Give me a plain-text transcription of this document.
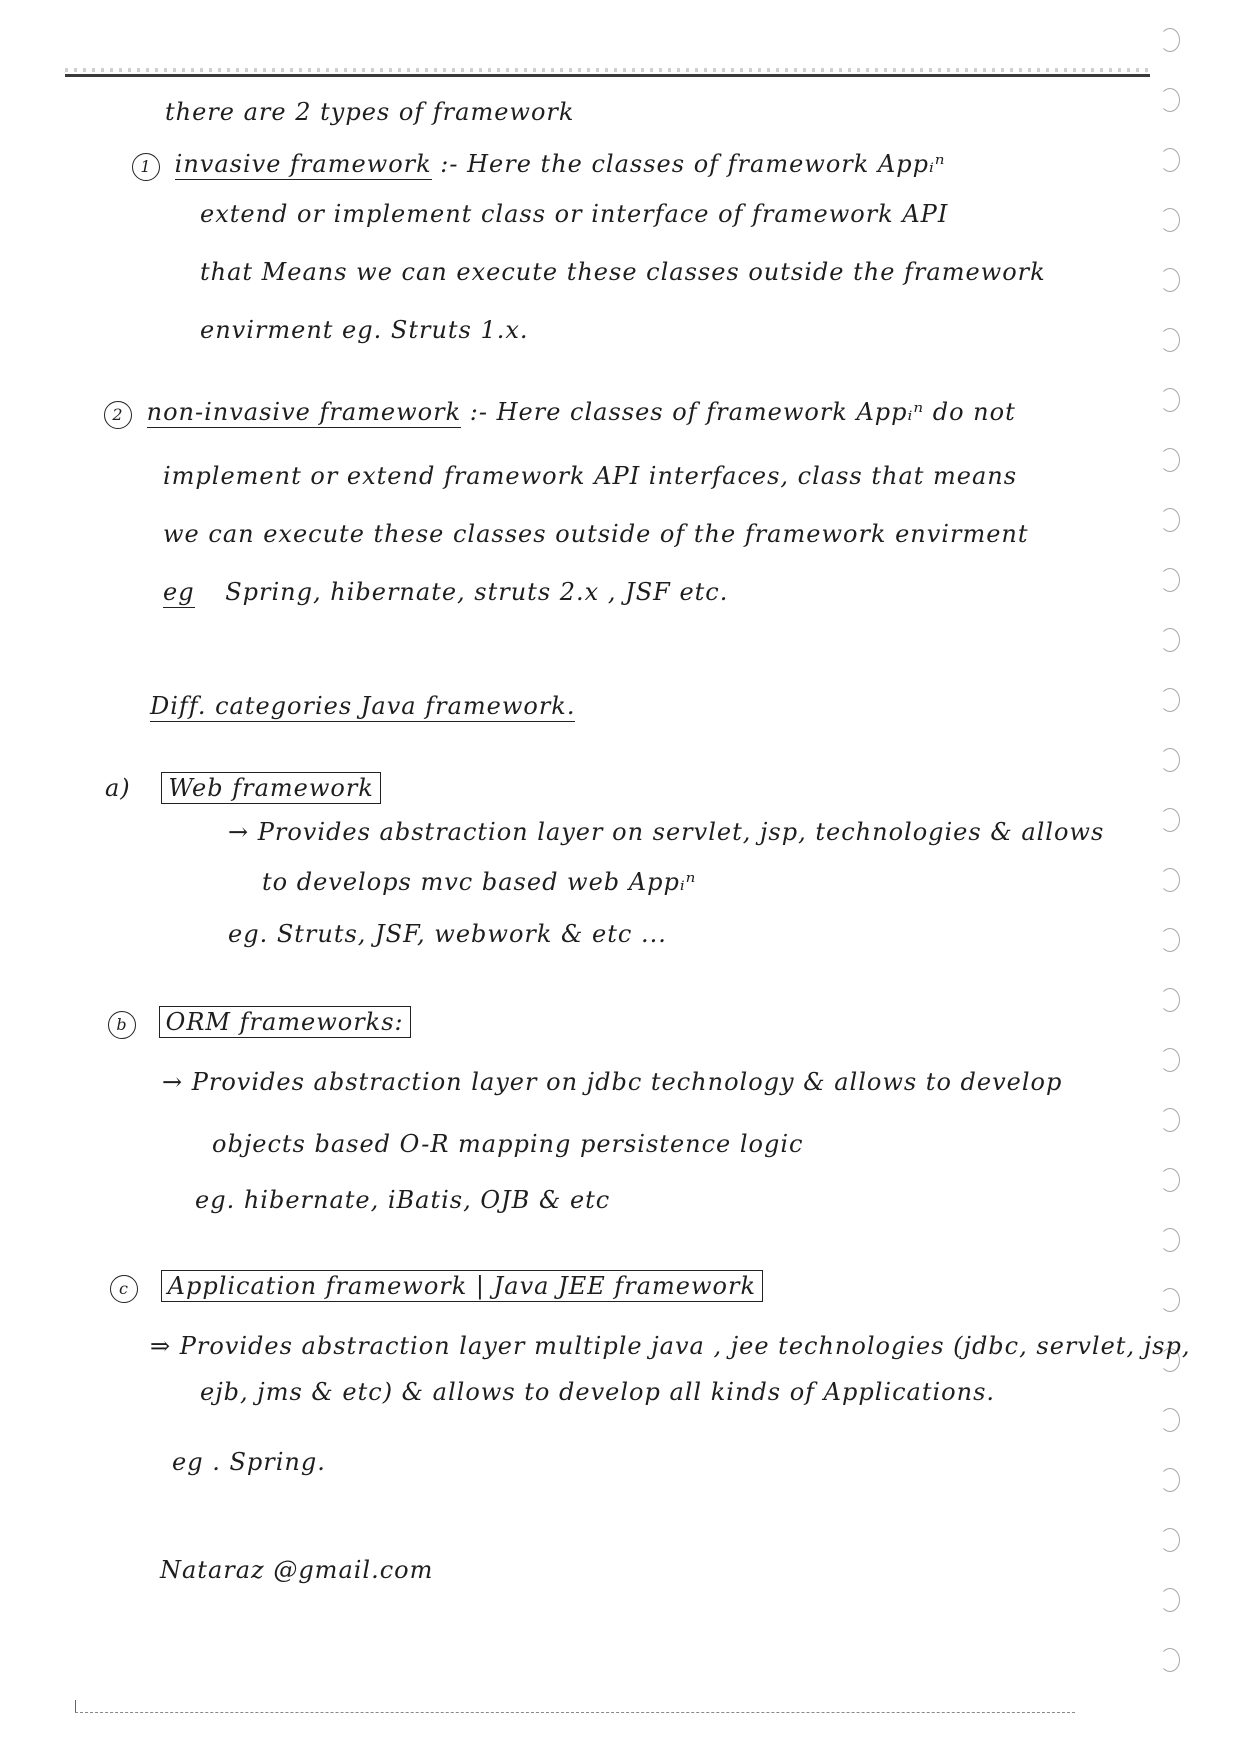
there are 2 types of framework
1 invasive framework :- Here the classes of framework Appᵢⁿ
extend or implement class or interface of framework API
that Means we can execute these classes outside the framework
envirment eg. Struts 1.x.
2 non-invasive framework :- Here classes of framework Appᵢⁿ do not
implement or extend framework API interfaces, class that means
we can execute these classes outside of the framework envirment
eg Spring, hibernate, struts 2.x , JSF etc.
Diff. categories Java framework.
a) Web framework
→ Provides abstraction layer on servlet, jsp, technologies & allows
to develops mvc based web Appᵢⁿ
eg. Struts, JSF, webwork & etc ...
b ORM frameworks:
→ Provides abstraction layer on jdbc technology & allows to develop
objects based O-R mapping persistence logic
eg. hibernate, iBatis, OJB & etc
c Application framework | Java JEE framework
⇒ Provides abstraction layer multiple java , jee technologies (jdbc, servlet, jsp,
ejb, jms & etc) & allows to develop all kinds of Applications.
eg . Spring.
Nataraz @gmail.com
